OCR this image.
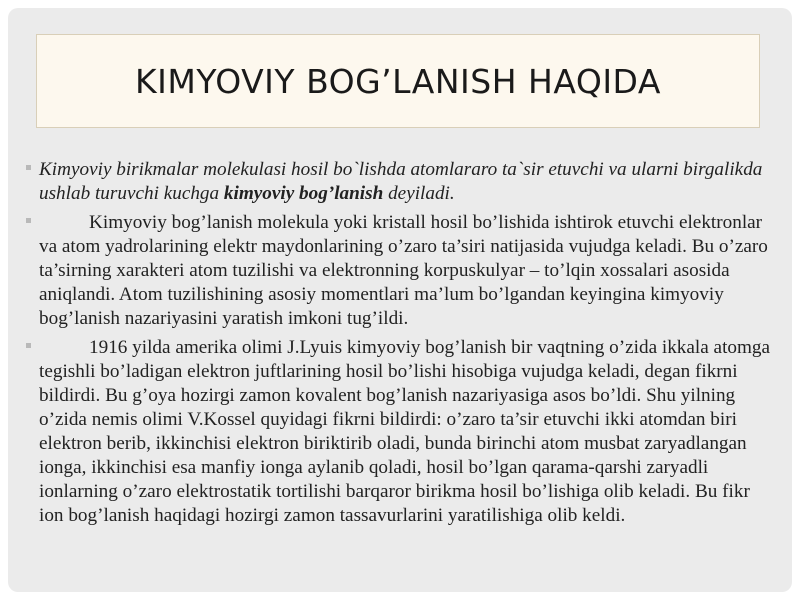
KIMYOVIY BOG’LANISH HAQIDA

Kimyoviy birikmalar molekulasi hosil bo`lishda atomlararo ta`sir etuvchi va ularni birgalikda ushlab turuvchi kuchga kimyoviy bog’lanish deyiladi.

Kimyoviy bog’lanish molekula yoki kristall hosil bo’lishida ishtirok etuvchi elektronlar va atom yadrolarining elektr maydonlarining o’zaro ta’siri natijasida vujudga keladi. Bu o’zaro ta’sirning xarakteri atom tuzilishi va elektronning korpuskulyar – to’lqin xossalari asosida aniqlandi. Atom tuzilishining asosiy momentlari ma’lum bo’lgandan keyingina kimyoviy bog’lanish nazariyasini yaratish imkoni tug’ildi.

1916 yilda amerika olimi J.Lyuis kimyoviy bog’lanish bir vaqtning o’zida ikkala atomga tegishli bo’ladigan elektron juftlarining hosil bo’lishi hisobiga vujudga keladi, degan fikrni bildirdi. Bu g’oya hozirgi zamon kovalent bog’lanish nazariyasiga asos bo’ldi. Shu yilning o’zida nemis olimi V.Kossel quyidagi fikrni bildirdi: o’zaro ta’sir etuvchi ikki atomdan biri elektron berib, ikkinchisi elektron biriktirib oladi, bunda birinchi atom musbat zaryadlangan ionga, ikkinchisi esa manfiy ionga aylanib qoladi, hosil bo’lgan qarama-qarshi zaryadli ionlarning o’zaro elektrostatik tortilishi barqaror birikma hosil bo’lishiga olib keladi. Bu fikr ion bog’lanish haqidagi hozirgi zamon tassavurlarini yaratilishiga olib keldi.
